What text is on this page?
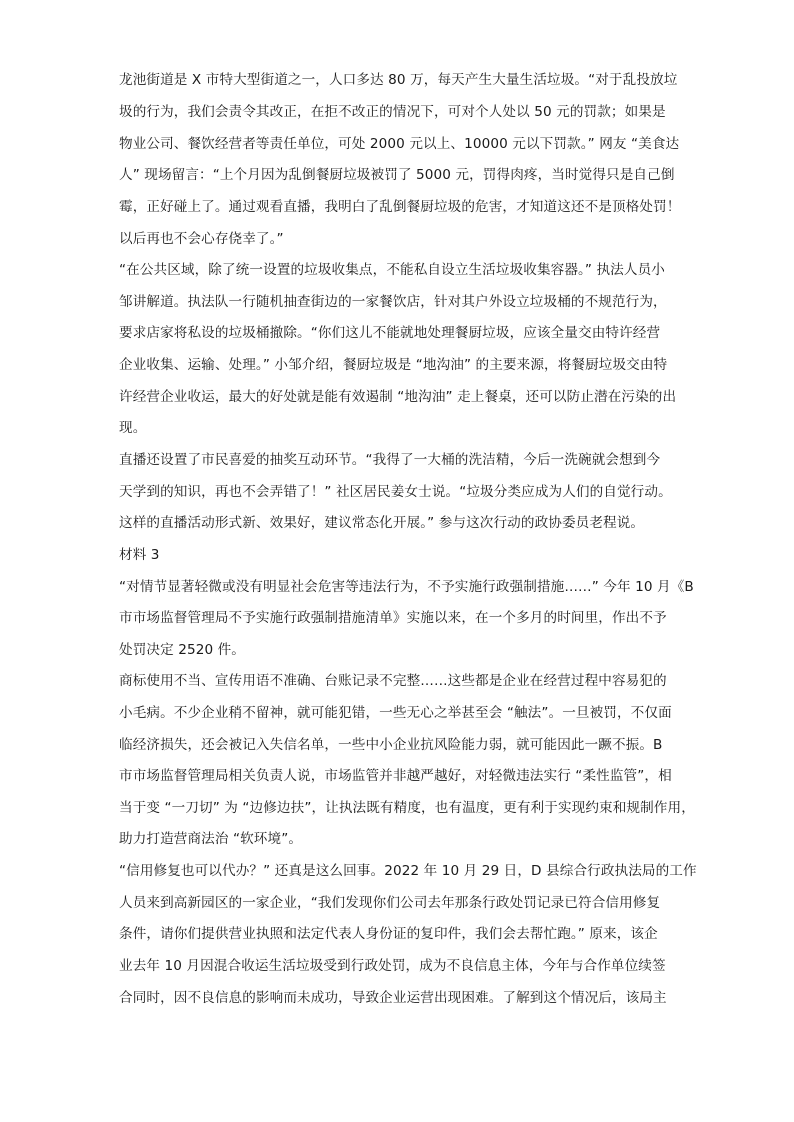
龙池街道是 X 市特大型街道之一，人口多达 80 万，每天产生大量生活垃圾。“对于乱投放垃
圾的行为，我们会责令其改正，在拒不改正的情况下，可对个人处以 50 元的罚款；如果是
物业公司、餐饮经营者等责任单位，可处 2000 元以上、10000 元以下罚款。” 网友 “美食达
人” 现场留言：“上个月因为乱倒餐厨垃圾被罚了 5000 元，罚得肉疼，当时觉得只是自己倒
霉，正好碰上了。通过观看直播，我明白了乱倒餐厨垃圾的危害，才知道这还不是顶格处罚！
以后再也不会心存侥幸了。”
“在公共区域，除了统一设置的垃圾收集点，不能私自设立生活垃圾收集容器。” 执法人员小
邹讲解道。执法队一行随机抽查街边的一家餐饮店，针对其户外设立垃圾桶的不规范行为，
要求店家将私设的垃圾桶撤除。“你们这儿不能就地处理餐厨垃圾，应该全量交由特许经营
企业收集、运输、处理。” 小邹介绍，餐厨垃圾是 “地沟油” 的主要来源，将餐厨垃圾交由特
许经营企业收运，最大的好处就是能有效遏制 “地沟油” 走上餐桌，还可以防止潜在污染的出
现。
直播还设置了市民喜爱的抽奖互动环节。“我得了一大桶的洗洁精，今后一洗碗就会想到今
天学到的知识，再也不会弄错了！” 社区居民姜女士说。“垃圾分类应成为人们的自觉行动。
这样的直播活动形式新、效果好，建议常态化开展。” 参与这次行动的政协委员老程说。
材料 3
“对情节显著轻微或没有明显社会危害等违法行为，不予实施行政强制措施……” 今年 10 月《B
市市场监督管理局不予实施行政强制措施清单》实施以来，在一个多月的时间里，作出不予
处罚决定 2520 件。
商标使用不当、宣传用语不准确、台账记录不完整……这些都是企业在经营过程中容易犯的
小毛病。不少企业稍不留神，就可能犯错，一些无心之举甚至会 “触法”。一旦被罚，不仅面
临经济损失，还会被记入失信名单，一些中小企业抗风险能力弱，就可能因此一蹶不振。B
市市场监督管理局相关负责人说，市场监管并非越严越好，对轻微违法实行 “柔性监管”，相
当于变 “一刀切” 为 “边修边扶”，让执法既有精度，也有温度，更有利于实现约束和规制作用，
助力打造营商法治 “软环境”。
“信用修复也可以代办？” 还真是这么回事。2022 年 10 月 29 日，D 县综合行政执法局的工作
人员来到高新园区的一家企业，“我们发现你们公司去年那条行政处罚记录已符合信用修复
条件，请你们提供营业执照和法定代表人身份证的复印件，我们会去帮忙跑。” 原来，该企
业去年 10 月因混合收运生活垃圾受到行政处罚，成为不良信息主体，今年与合作单位续签
合同时，因不良信息的影响而未成功，导致企业运营出现困难。了解到这个情况后，该局主
